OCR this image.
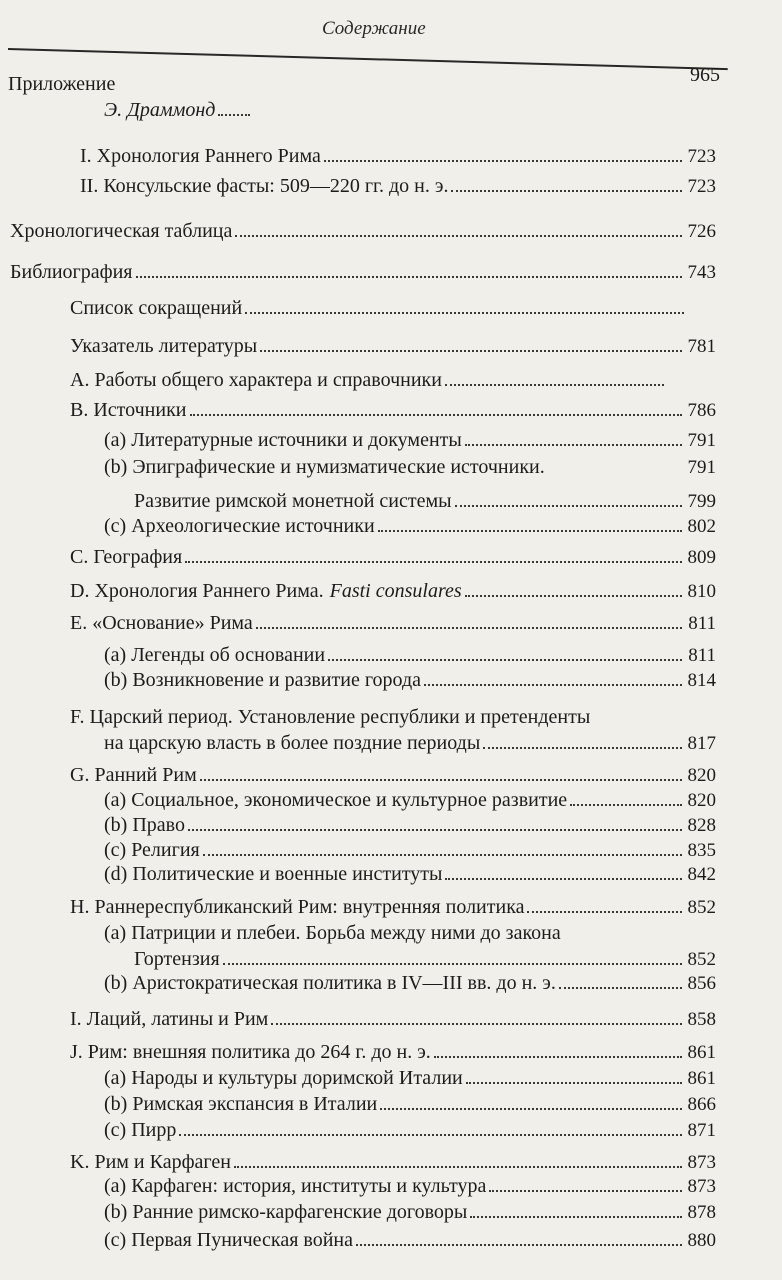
Содержание
965
Приложение
Э. Драммонд
I. Хронология Раннего Рима	723
II. Консульские фасты: 509—220 гг. до н. э.	723
Хронологическая таблица	726
Библиография	743
Список сокращений
Указатель литературы	781
A. Работы общего характера и справочники
B. Источники	786
(a) Литературные источники и документы	791
(b) Эпиграфические и нумизматические источники.	791
Развитие римской монетной системы	799
(c) Археологические источники	802
C. География	809
D. Хронология Раннего Рима. Fasti consulares	810
E. «Основание» Рима	811
(a) Легенды об основании	811
(b) Возникновение и развитие города	814
F. Царский период. Установление республики и претенденты
на царскую власть в более поздние периоды	817
G. Ранний Рим	820
(a) Социальное, экономическое и культурное развитие	820
(b) Право	828
(c) Религия	835
(d) Политические и военные институты	842
H. Раннереспубликанский Рим: внутренняя политика	852
(a) Патриции и плебеи. Борьба между ними до закона
Гортензия	852
(b) Аристократическая политика в IV—III вв. до н. э.	856
I. Лаций, латины и Рим	858
J. Рим: внешняя политика до 264 г. до н. э.	861
(a) Народы и культуры доримской Италии	861
(b) Римская экспансия в Италии	866
(c) Пирр	871
K. Рим и Карфаген	873
(a) Карфаген: история, институты и культура	873
(b) Ранние римско-карфагенские договоры	878
(c) Первая Пуническая война	880
